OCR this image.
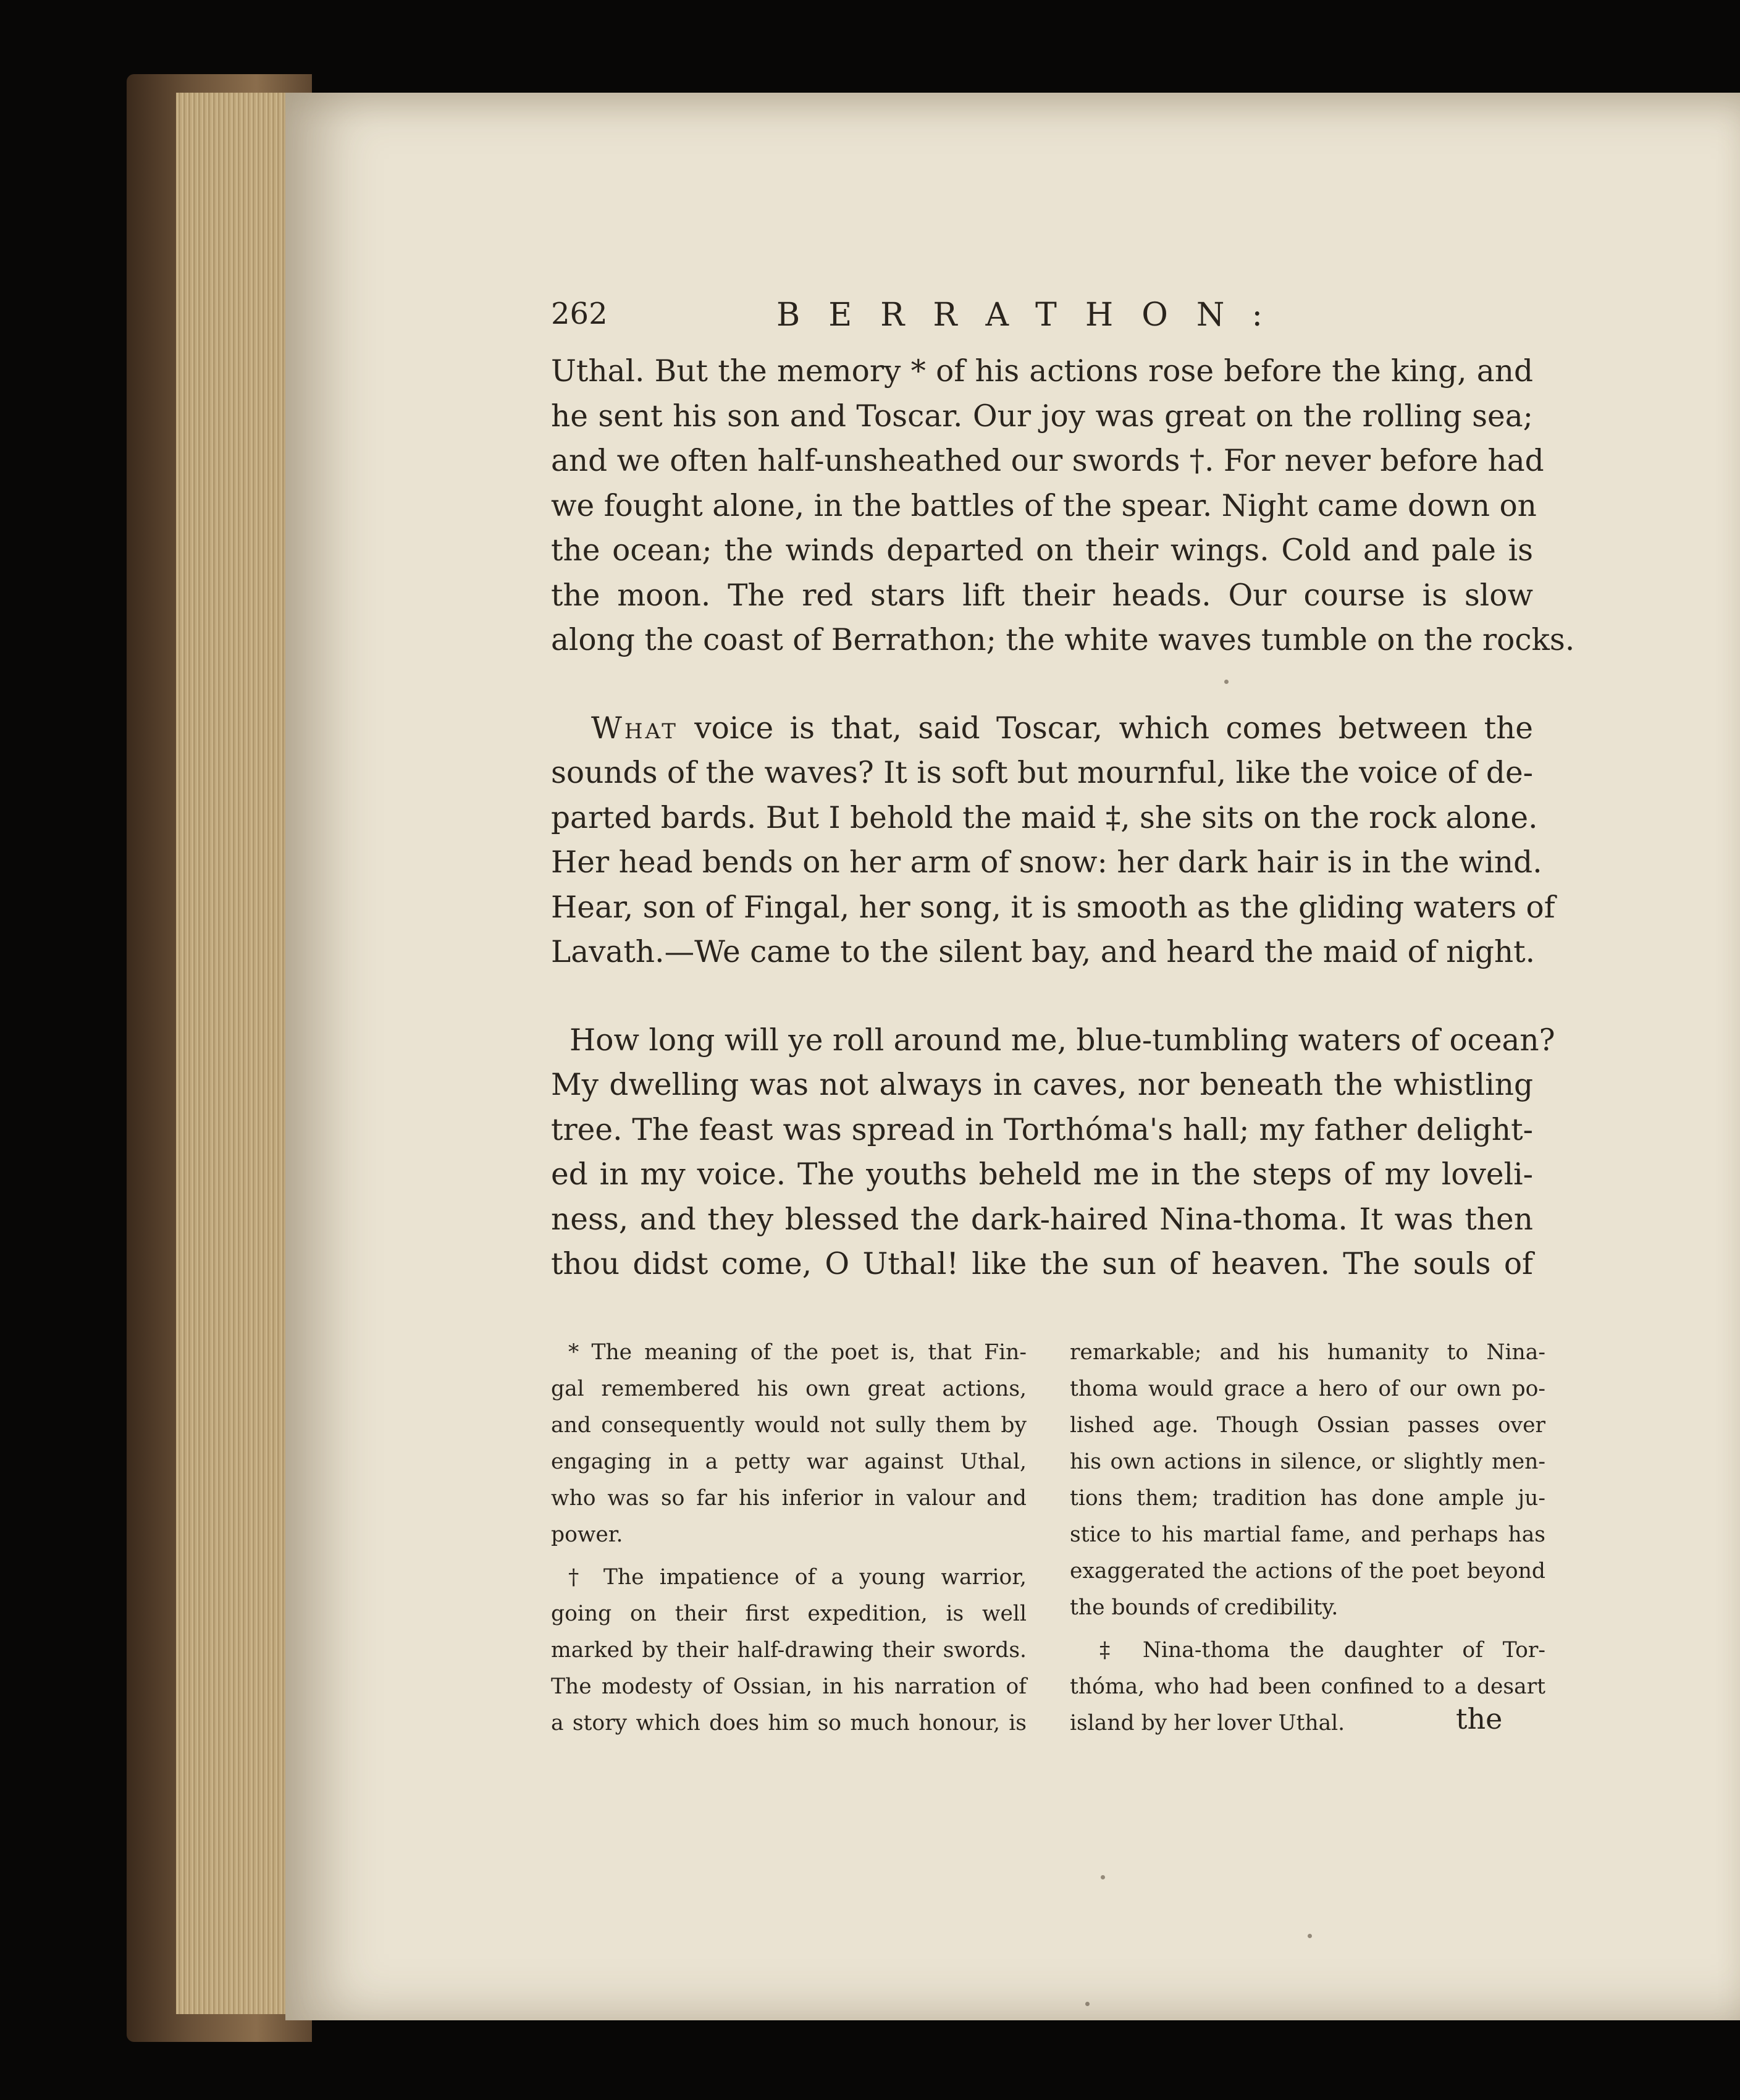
262	BERRATHON:
Uthal. But the memory * of his actions rose before the king, and
he sent his son and Toscar. Our joy was great on the rolling sea;
and we often half-unsheathed our swords †. For never before had
we fought alone, in the battles of the spear. Night came down on
the ocean; the winds departed on their wings. Cold and pale is
the moon. The red stars lift their heads. Our course is slow
along the coast of Berrathon; the white waves tumble on the rocks.
What voice is that, said Toscar, which comes between the
sounds of the waves? It is soft but mournful, like the voice of de-
parted bards. But I behold the maid ‡, she sits on the rock alone.
Her head bends on her arm of snow: her dark hair is in the wind.
Hear, son of Fingal, her song, it is smooth as the gliding waters of
Lavath.—We came to the silent bay, and heard the maid of night.
How long will ye roll around me, blue-tumbling waters of ocean?
My dwelling was not always in caves, nor beneath the whistling
tree. The feast was spread in Torthóma's hall; my father delight-
ed in my voice. The youths beheld me in the steps of my loveli-
ness, and they blessed the dark-haired Nina-thoma. It was then
thou didst come, O Uthal! like the sun of heaven. The souls of
* The meaning of the poet is, that Fin-
gal remembered his own great actions,
and consequently would not sully them by
engaging in a petty war against Uthal,
who was so far his inferior in valour and
power.
† The impatience of a young warrior,
going on their first expedition, is well
marked by their half-drawing their swords.
The modesty of Ossian, in his narration of
a story which does him so much honour, is
remarkable; and his humanity to Nina-
thoma would grace a hero of our own po-
lished age. Though Ossian passes over
his own actions in silence, or slightly men-
tions them; tradition has done ample ju-
stice to his martial fame, and perhaps has
exaggerated the actions of the poet beyond
the bounds of credibility.
‡ Nina-thoma the daughter of Tor-
thóma, who had been confined to a desart
island by her lover Uthal.	the
